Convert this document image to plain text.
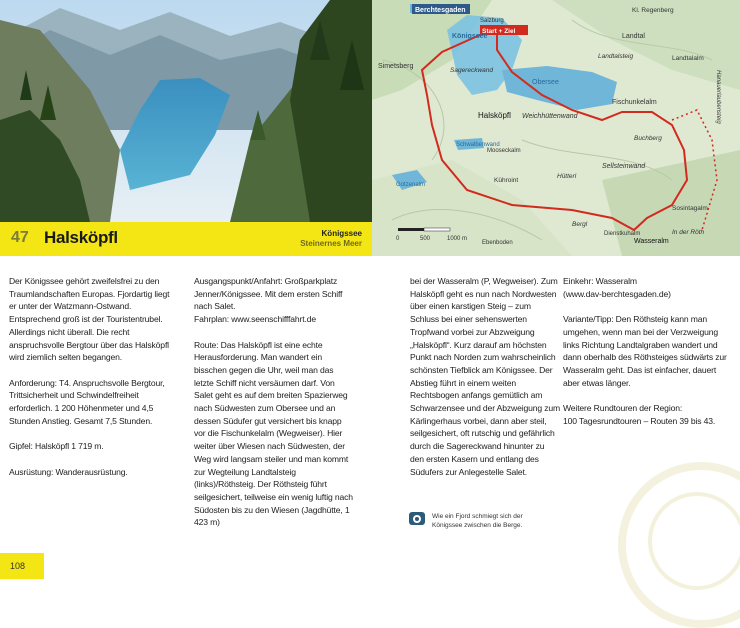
Berchtesgaden
Königssee
Salzburg
Start + Ziel
Obersee
Kl. Regenberg
Landtal
Landtalalm
Halsköpfl
Fischunkelalm
Schwalbenwand
Sagereckwand
Weichhüttenwand
Mooseckalm
Kühroint
Hütterl
Sellsteinwand
Buchberg
Sosintagalm
Wasseralm
In der Röth
Dienstkuhalm
Ebenboden
Gotzenalm
Simetsberg
Landtalsteig
Hanauerlaubensteig
Bergl
0	500	1000 m
47 Halsköpfl	Königssee
Steinernes Meer

Der Königssee gehört zweifelsfrei zu den Traumlandschaften Europas. Fjordartig liegt er unter der Watzmann-Ostwand. Entsprechend groß ist der Touristentrubel. Allerdings nicht überall. Die recht anspruchsvolle Bergtour über das Halsköpfl wird ziemlich selten begangen.

Anforderung: T4. Anspruchsvolle Bergtour, Trittsicherheit und Schwindelfreiheit erforderlich. 1 200 Höhenmeter und 4,5 Stunden Anstieg. Gesamt 7,5 Stunden.

Gipfel: Halsköpfl 1 719 m.

Ausrüstung: Wanderausrüstung.

Ausgangspunkt/Anfahrt: Großparkplatz Jenner/Königssee. Mit dem ersten Schiff nach Salet.
Fahrplan: www.seenschifffahrt.de

Route: Das Halsköpfl ist eine echte Herausforderung. Man wandert ein bisschen gegen die Uhr, weil man das letzte Schiff nicht versäumen darf. Von Salet geht es auf dem breiten Spazierweg nach Südwesten zum Obersee und an dessen Südufer gut versichert bis knapp vor die Fischunkelalm (Wegweiser). Hier weiter über Wiesen nach Südwesten, der Weg wird langsam steiler und man kommt zur Wegteilung Landtalsteig (links)/Röthsteig. Der Röthsteig führt seilgesichert, teilweise ein wenig luftig nach Südosten bis zu den Wiesen (Jagdhütte, 1 423 m)

bei der Wasseralm (P, Wegweiser). Zum Halsköpfl geht es nun nach Nordwesten über einen karstigen Steig – zum Schluss bei einer sehenswerten Tropfwand vorbei zur Abzweigung „Halsköpfl“. Kurz darauf am höchsten Punkt nach Norden zum wahrscheinlich schönsten Tiefblick am Königssee. Der Abstieg führt in einem weiten Rechtsbogen anfangs gemütlich am Schwarzensee und der Abzweigung zum Kärlingerhaus vorbei, dann aber steil, seilgesichert, oft rutschig und gefährlich durch die Sagereckwand hinunter zu den ersten Kasern und entlang des Südufers zur Anlegestelle Salet.

Einkehr: Wasseralm
(www.dav-berchtesgaden.de)

Variante/Tipp: Den Röthsteig kann man umgehen, wenn man bei der Verzweigung links Richtung Landtalgraben wandert und dann oberhalb des Röthsteiges südwärts zur Wasseralm geht. Das ist einfacher, dauert aber etwas länger.

Weitere Rundtouren der Region:
100 Tagesrundtouren – Routen 39 bis 43.

Wie ein Fjord schmiegt sich der Königssee zwischen die Berge.
108
